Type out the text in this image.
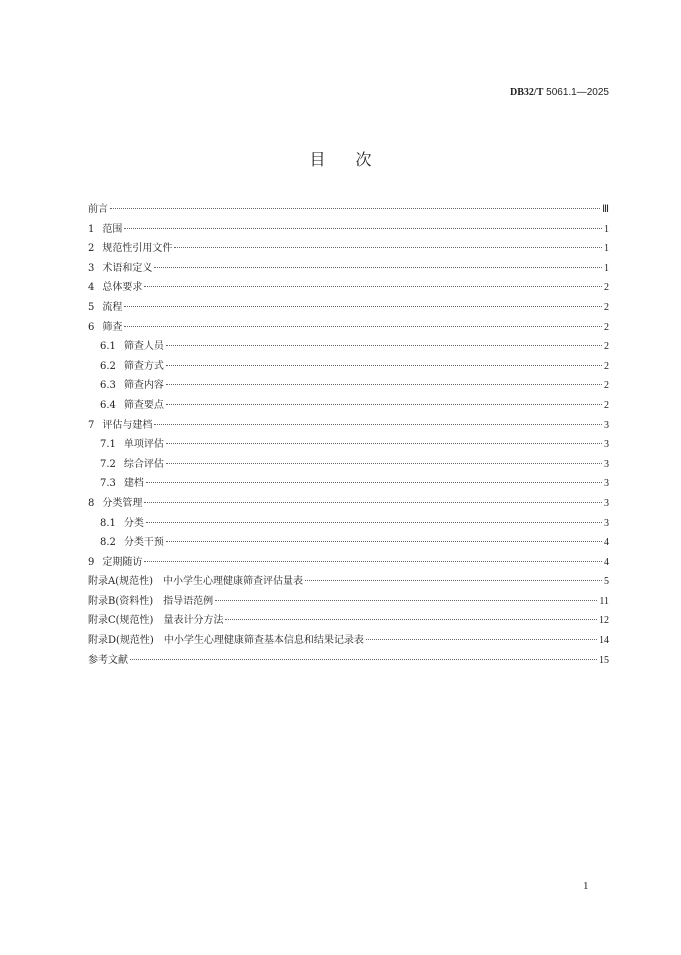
DB32/T 5061.1—2025
目次
前言	Ⅲ
1 范围	1
2 规范性引用文件	1
3 术语和定义	1
4 总体要求	2
5 流程	2
6 筛查	2
6.1 筛查人员	2
6.2 筛查方式	2
6.3 筛查内容	2
6.4 筛查要点	2
7 评估与建档	3
7.1 单项评估	3
7.2 综合评估	3
7.3 建档	3
8 分类管理	3
8.1 分类	3
8.2 分类干预	4
9 定期随访	4
附录A(规范性)　中小学生心理健康筛查评估量表	5
附录B(资料性)　指导语范例	11
附录C(规范性)　量表计分方法	12
附录D(规范性)　中小学生心理健康筛查基本信息和结果记录表	14
参考文献	15
1
